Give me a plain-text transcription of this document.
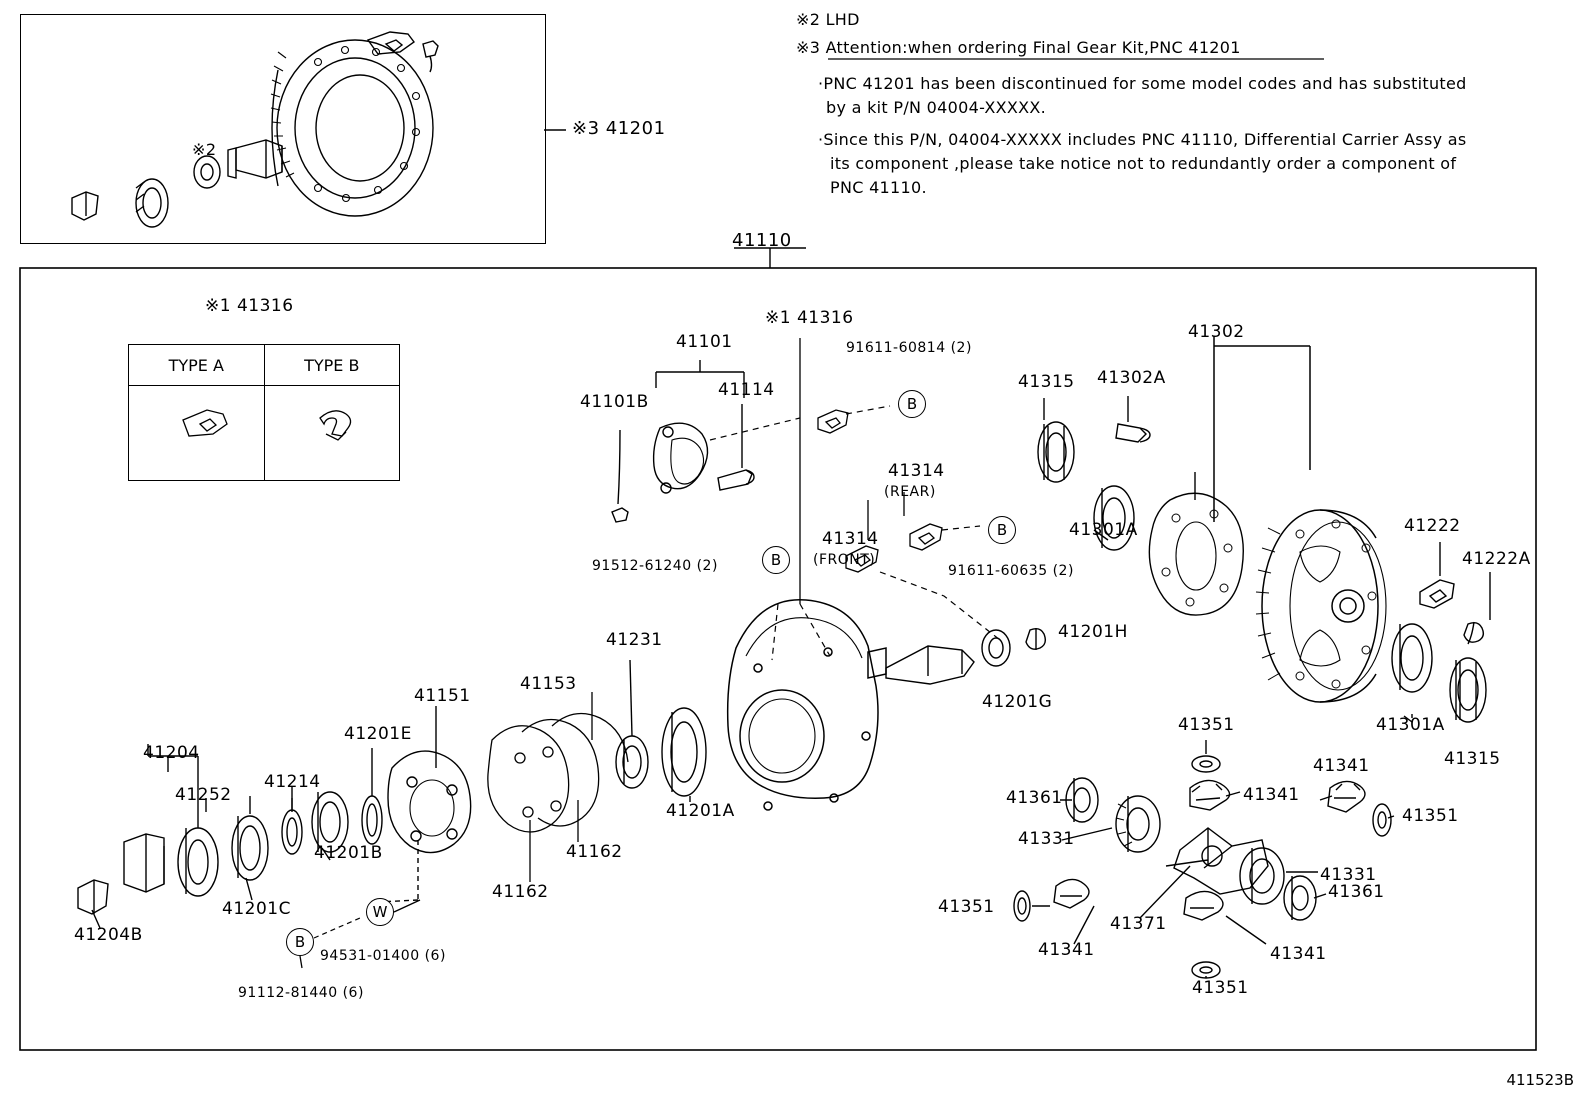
※2 LHD
※3 Attention:when ordering Final Gear Kit,PNC 41201
·PNC 41201 has been discontinued for some model codes and has substituted
by a kit P/N 04004-XXXXX.
·Since this P/N, 04004-XXXXX includes PNC 41110, Differential Carrier Assy as
its component ,please take notice not to redundantly order a component of
PNC 41110.
※3 41201
41110
※1 41316
TYPE A	TYPE B

※2
※1 41316
41101
41101B
41114
91611-60814 (2)
41302
41315 41302A
41301A
41314
(REAR)
41314
(FRONT)
91611-60635 (2)
91512-61240 (2)
41222
41222A
41201H
41201G
41231
41151
41153
41201E
41204
41252
41214
41201C
41204B
41201B	41162
41162
41201A
41301A
41315
41351
41341
41341
41351
41361
41331
41331
41361
41351
41341
41371
41341
41351
94531-01400 (6)
91112-81440 (6)
B
B
B
W
B
411523B
